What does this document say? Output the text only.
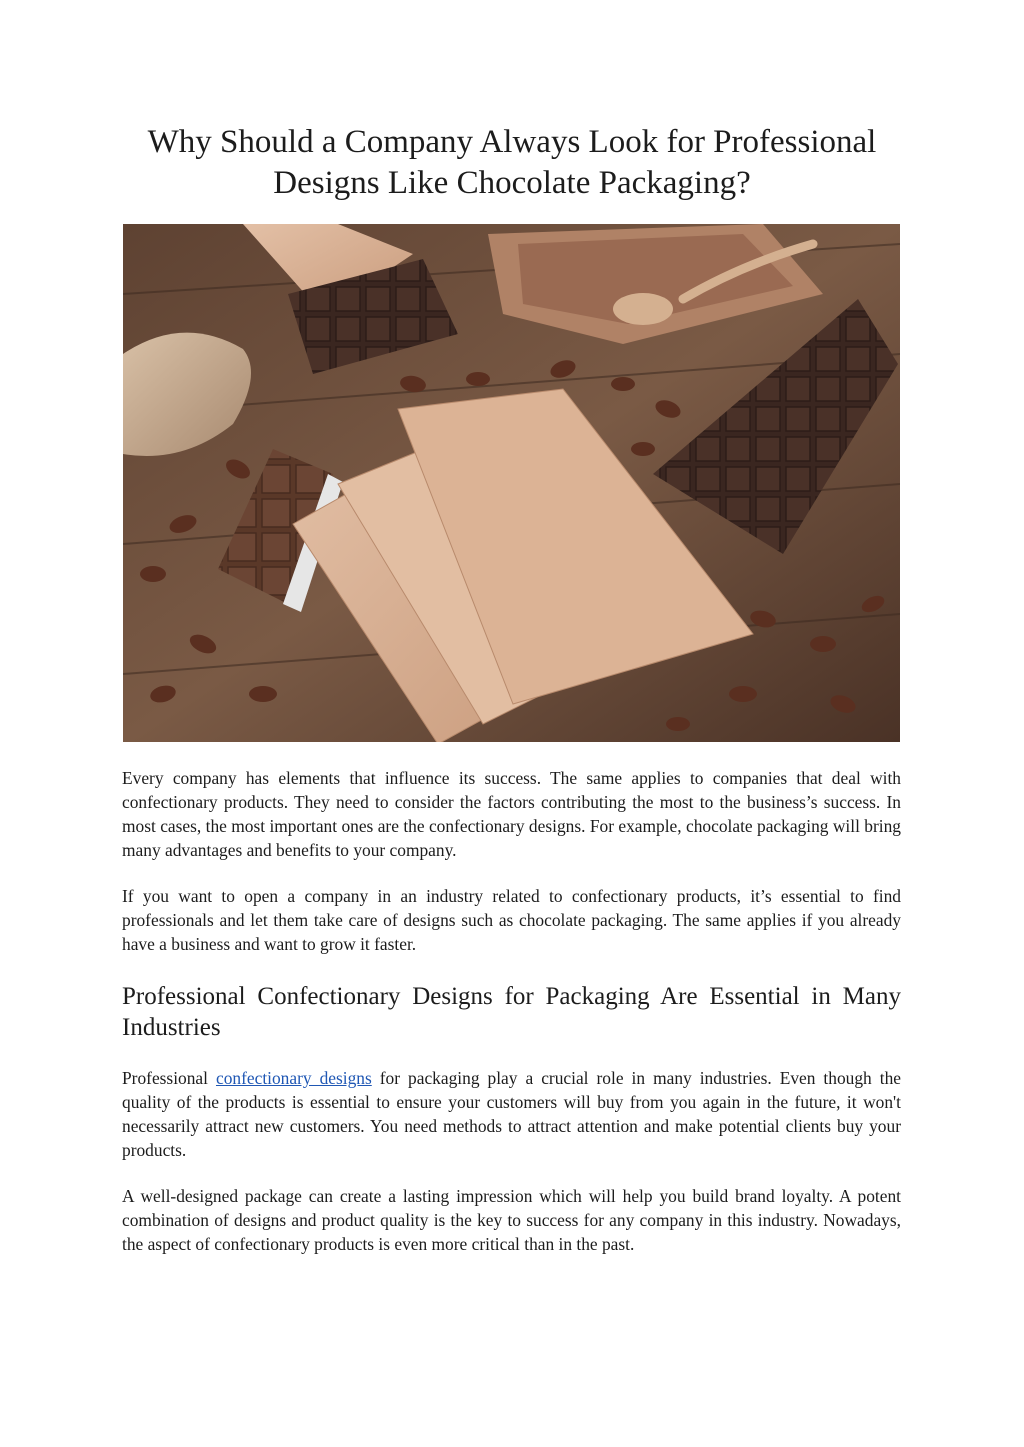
Why Should a Company Always Look for Professional Designs Like Chocolate Packaging?

Every company has elements that influence its success. The same applies to companies that deal with confectionary products. They need to consider the factors contributing the most to the business’s success. In most cases, the most important ones are the confectionary designs. For example, chocolate packaging will bring many advantages and benefits to your company.

If you want to open a company in an industry related to confectionary products, it’s essential to find professionals and let them take care of designs such as chocolate packaging. The same applies if you already have a business and want to grow it faster.

Professional Confectionary Designs for Packaging Are Essential in Many Industries

Professional confectionary designs for packaging play a crucial role in many industries. Even though the quality of the products is essential to ensure your customers will buy from you again in the future, it won't necessarily attract new customers. You need methods to attract attention and make potential clients buy your products.

A well-designed package can create a lasting impression which will help you build brand loyalty. A potent combination of designs and product quality is the key to success for any company in this industry. Nowadays, the aspect of confectionary products is even more critical than in the past.
